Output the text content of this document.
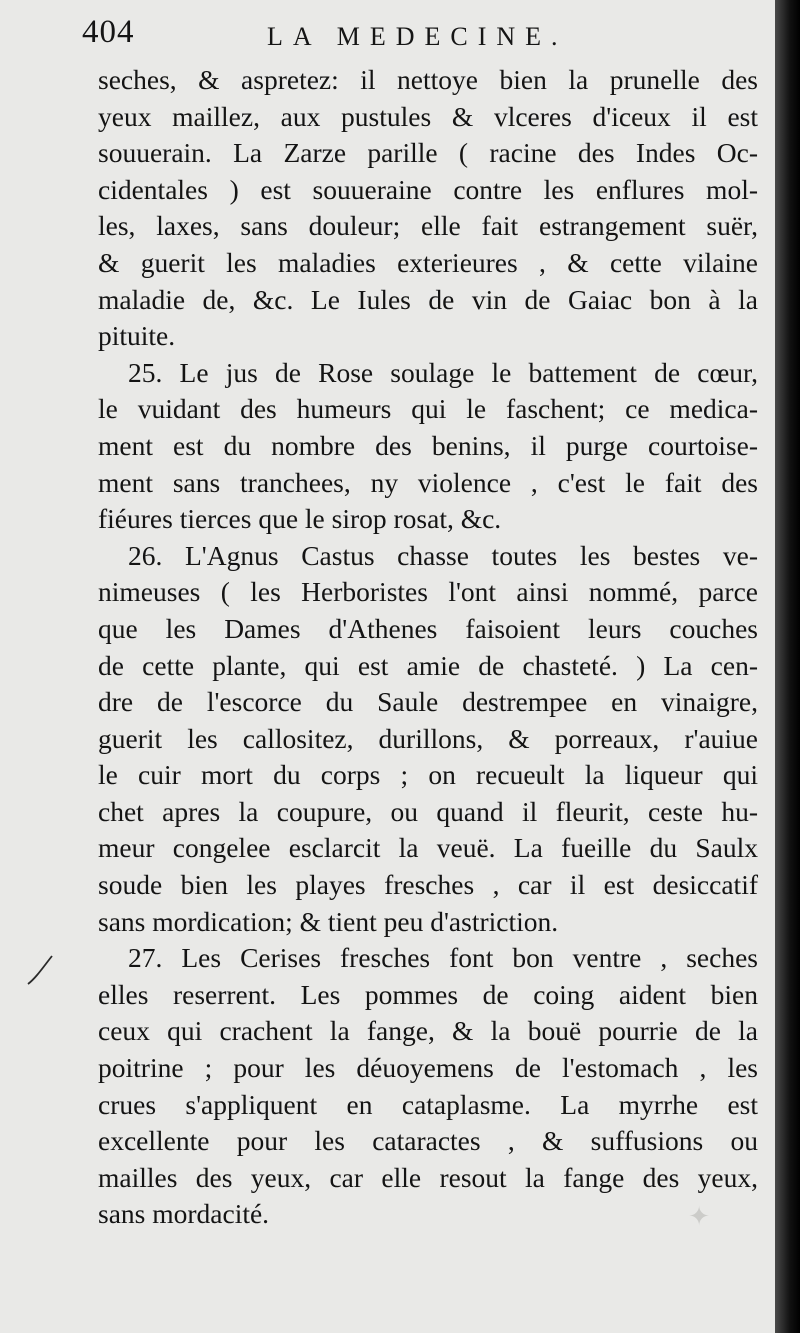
✦
404	LA MEDECINE.
seches, & aspretez: il nettoye bien la prunelle des
yeux maillez, aux pustules & vlceres d'iceux il est
souuerain. La Zarze parille ( racine des Indes Oc-
cidentales ) est souueraine contre les enflures mol-
les, laxes, sans douleur; elle fait estrangement suër,
& guerit les maladies exterieures , & cette vilaine
maladie de, &c. Le Iules de vin de Gaiac bon à la
pituite.
25. Le jus de Rose soulage le battement de cœur,
le vuidant des humeurs qui le faschent; ce medica-
ment est du nombre des benins, il purge courtoise-
ment sans tranchees, ny violence , c'est le fait des
fiéures tierces que le sirop rosat, &c.
26. L'Agnus Castus chasse toutes les bestes ve-
nimeuses ( les Herboristes l'ont ainsi nommé, parce
que les Dames d'Athenes faisoient leurs couches
de cette plante, qui est amie de chasteté. ) La cen-
dre de l'escorce du Saule destrempee en vinaigre,
guerit les callositez, durillons, & porreaux, r'auiue
le cuir mort du corps ; on recueult la liqueur qui
chet apres la coupure, ou quand il fleurit, ceste hu-
meur congelee esclarcit la veuë. La fueille du Saulx
soude bien les playes fresches , car il est desiccatif
sans mordication; & tient peu d'astriction.
27. Les Cerises fresches font bon ventre , seches
elles reserrent. Les pommes de coing aident bien
ceux qui crachent la fange, & la bouë pourrie de la
poitrine ; pour les déuoyemens de l'estomach , les
crues s'appliquent en cataplasme. La myrrhe est
excellente pour les cataractes , & suffusions ou
mailles des yeux, car elle resout la fange des yeux,
sans mordacité.
